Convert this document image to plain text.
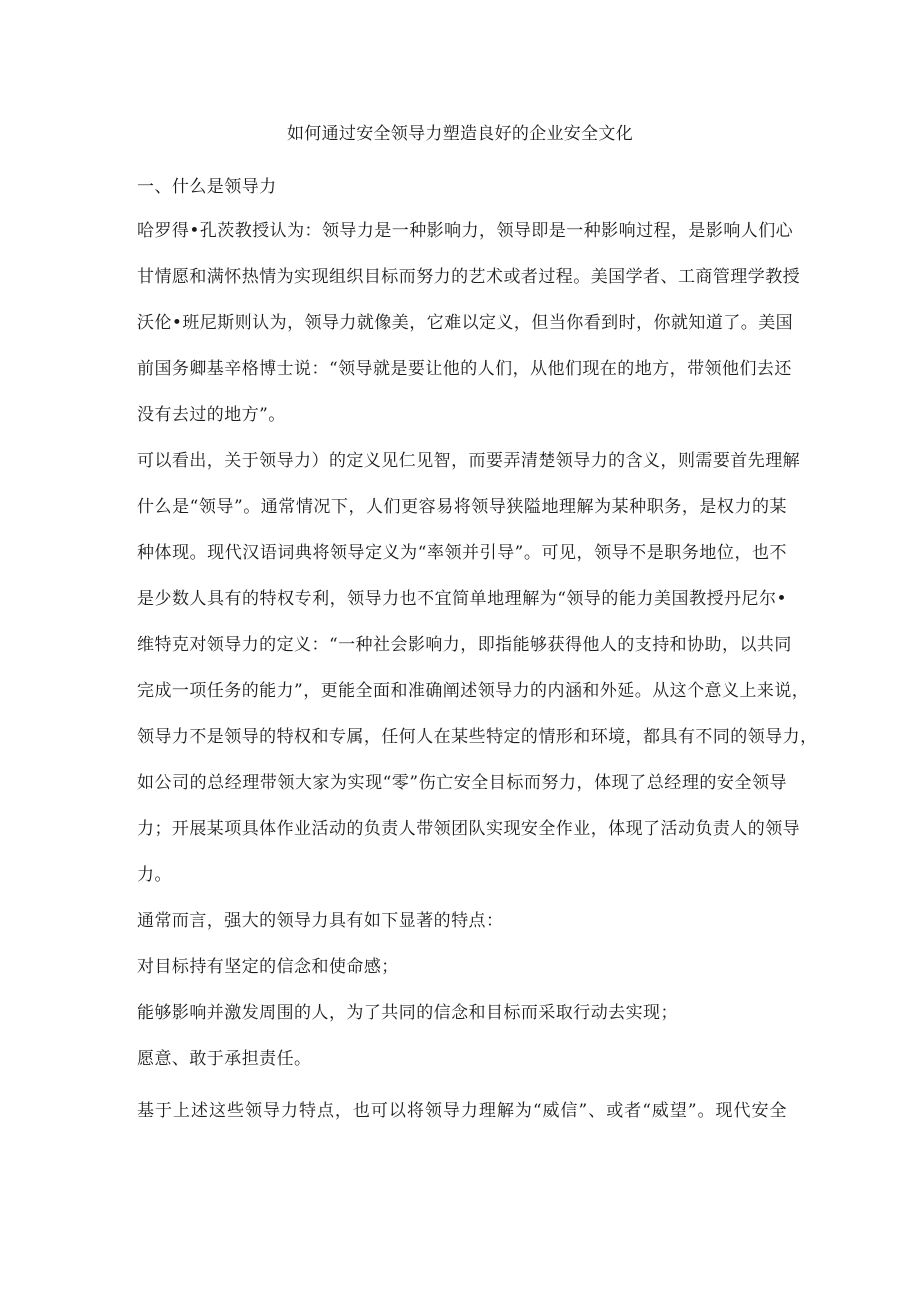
如何通过安全领导力塑造良好的企业安全文化
一、什么是领导力
哈罗得•孔茨教授认为：领导力是一种影响力，领导即是一种影响过程，是影响人们心
甘情愿和满怀热情为实现组织目标而努力的艺术或者过程。美国学者、工商管理学教授
沃伦•班尼斯则认为，领导力就像美，它难以定义，但当你看到时，你就知道了。美国
前国务卿基辛格博士说：“领导就是要让他的人们，从他们现在的地方，带领他们去还
没有去过的地方”。
可以看出，关于领导力）的定义见仁见智，而要弄清楚领导力的含义，则需要首先理解
什么是“领导”。通常情况下，人们更容易将领导狭隘地理解为某种职务，是权力的某
种体现。现代汉语词典将领导定义为“率领并引导”。可见，领导不是职务地位，也不
是少数人具有的特权专利，领导力也不宜简单地理解为“领导的能力美国教授丹尼尔•
维特克对领导力的定义：“一种社会影响力，即指能够获得他人的支持和协助，以共同
完成一项任务的能力”，更能全面和准确阐述领导力的内涵和外延。从这个意义上来说，
领导力不是领导的特权和专属，任何人在某些特定的情形和环境，都具有不同的领导力，
如公司的总经理带领大家为实现“零”伤亡安全目标而努力，体现了总经理的安全领导
力；开展某项具体作业活动的负责人带领团队实现安全作业，体现了活动负责人的领导
力。
通常而言，强大的领导力具有如下显著的特点：
对目标持有坚定的信念和使命感；
能够影响并激发周围的人，为了共同的信念和目标而采取行动去实现；
愿意、敢于承担责任。
基于上述这些领导力特点，也可以将领导力理解为“威信”、或者“威望”。现代安全
